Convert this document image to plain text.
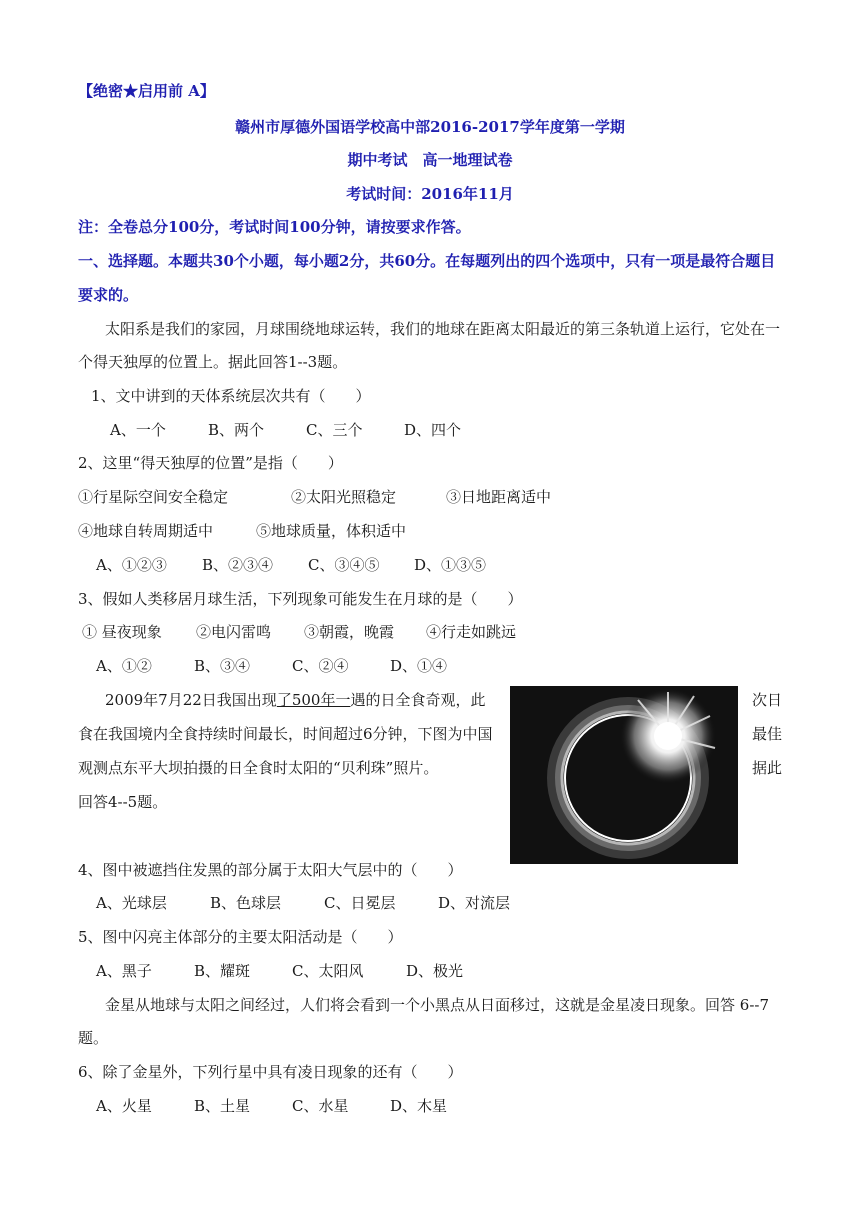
【绝密★启用前 A】
赣州市厚德外国语学校高中部2016-2017学年度第一学期
期中考试　高一地理试卷
考试时间：2016年11月
注：全卷总分100分，考试时间100分钟，请按要求作答。
一、选择题。本题共30个小题，每小题2分，共60分。在每题列出的四个选项中，只有一项是最符合题目
要求的。
太阳系是我们的家园，月球围绕地球运转，我们的地球在距离太阳最近的第三条轨道上运行，它处在一
个得天独厚的位置上。据此回答1--3题。
1、文中讲到的天体系统层次共有（　　）
A、一个	B、两个	C、三个	D、四个
2、这里“得天独厚的位置”是指（　　）
①行星际空间安全稳定	②太阳光照稳定	③日地距离适中
④地球自转周期适中	⑤地球质量，体积适中
A、①②③ B、②③④ C、③④⑤ D、①③⑤
3、假如人类移居月球生活，下列现象可能发生在月球的是（　　）
① 昼夜现象 ②电闪雷鸣 ③朝霞，晚霞 ④行走如跳远
A、①②	B、③④	C、②④	D、①④
2009年7月22日我国出现了500年一遇的日全食奇观，此	次日
食在我国境内全食持续时间最长，时间超过6分钟，下图为中国	最佳
观测点东平大坝拍摄的日全食时太阳的“贝利珠”照片。	据此
回答4--5题。
4、图中被遮挡住发黑的部分属于太阳大气层中的（　　）
A、光球层	B、色球层	C、日冕层	D、对流层
5、图中闪亮主体部分的主要太阳活动是（　　）
A、黑子	B、耀斑	C、太阳风	D、极光
金星从地球与太阳之间经过，人们将会看到一个小黑点从日面移过，这就是金星凌日现象。回答 6--7
题。
6、除了金星外，下列行星中具有凌日现象的还有（　　）
A、火星	B、土星	C、水星	D、木星
